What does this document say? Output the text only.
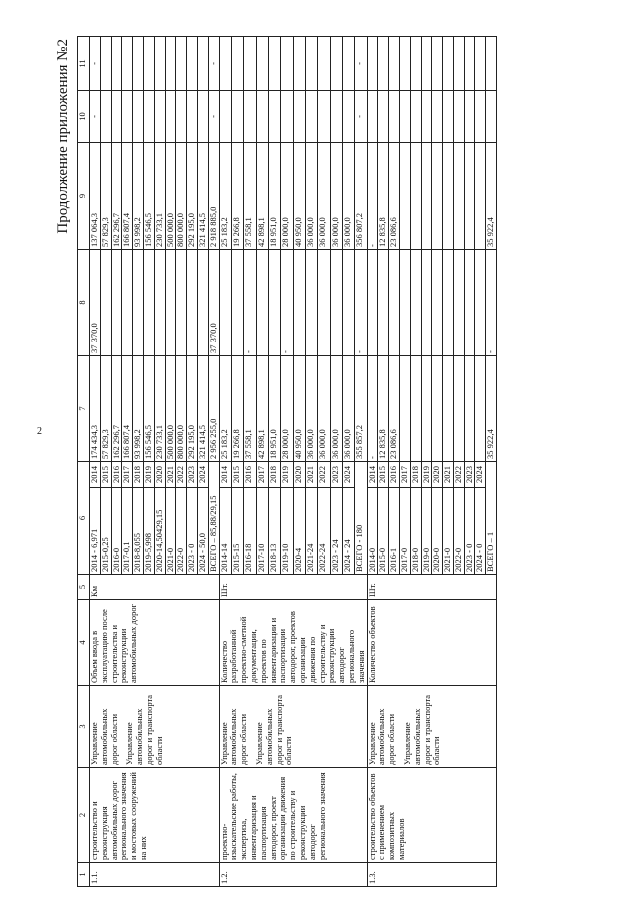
2
Продолжение приложения №2
1	2	3	4	5	6		7	8	9	10	11
1.1.	строительство и реконструкция автомобильных дорог регионального значения и мостовых сооружений на них	Управление автомобильных дорог области Управление автомобильных дорог и транспорта области	Объем ввода в эксплуатацию после строительства и реконструкции автомобильных дорог	Км	2014 - 6,971	2014	174 434,3	37 370,0	137 064,3	-	-
					2015-0,25	2015	57 829,3		57 829,3		
					2016-0	2016	162 296,7		162 296,7		
					2017-0,1	2017	166 807,4		166 807,4		
					2018-8,055	2018	93 998,2		93 998,2		
					2019-5,998	2019	156 546,5		156 546,5		
					2020-14,50429,15	2020	230 733,1		230 733,1		
					2021-0	2021	500 000,0		500 000,0		
					2022-0	2022	800 000,0		800 000,0		
					2023 - 0	2023	292 195,0		292 195,0		
					2024 - 50,0	2024	321 414,5		321 414,5		
					ВСЕГО – 85,88/29,15		2 956 255,0	37 370,0	2 918 885,0	-	-
1.2.	проектно-изыскательские работы, экспертиза, инвентаризация и паспортизация автодорог, проект организации движения по строительству и реконструкции автодорог регионального значения	Управление автомобильных дорог области Управление автомобильных дорог и транспорта области	Количество разработанной проектно-сметной документации, проектов по инвентаризации и паспортизации автодорог, проектов организации движения по строительству и реконструкции автодорог регионального значения	Шт.	2014-14	2014	25 183,2		25 183,2		
					2015-15	2015	19 266,8		19 266,8		
					2016-18	2016	37 558,1	-	37 558,1		
					2017-10	2017	42 898,1		42 898,1		
					2018-13	2018	18 951,0		18 951,0		
					2019-10	2019	28 000,0	-	28 000,0		
					2020-4	2020	40 950,0		40 950,0		
					2021-24	2021	36 000,0		36 000,0		
					2022-24	2022	36 000,0		36 000,0		
					2023 - 24	2023	36 000,0		36 000,0		
					2024 - 24	2024	36 000,0		36 000,0		
					ВСЕГО - 180		355 857,2	-	356 807,2	-	-
1.3.	строительство объектов с применением композитных материалов	Управление автомобильных дорог области Управление автомобильных дорог и транспорта области	Количество объектов	Шт.	2014-0	2014	-		-		
					2015-0	2015	12 835,8		12 835,8		
					2016-1	2016	23 086,6		23 086,6		
					2017-0	2017					
					2018-0	2018					
					2019-0	2019					
					2020-0	2020					
					2021-0	2021					
					2022-0	2022					
					2023 - 0	2023					
					2024 - 0	2024					
					ВСЕГО – 1		35 922,4	-	35 922,4		
